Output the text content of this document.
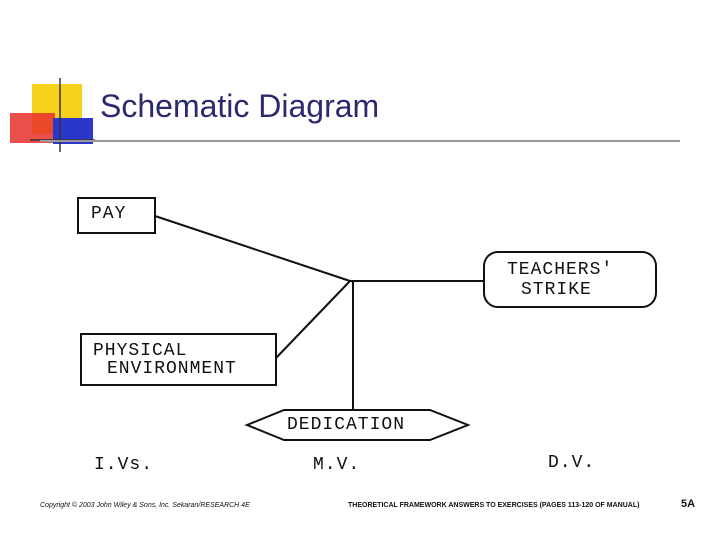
Schematic Diagram
PAY
PHYSICAL
ENVIRONMENT
TEACHERS'
STRIKE
DEDICATION
I.Vs.	M.V.	D.V.
Copyright © 2003 John Wiley & Sons, Inc. Sekaran/RESEARCH 4E	THEORETICAL FRAMEWORK ANSWERS TO EXERCISES (PAGES 113-120 OF MANUAL)	5A
